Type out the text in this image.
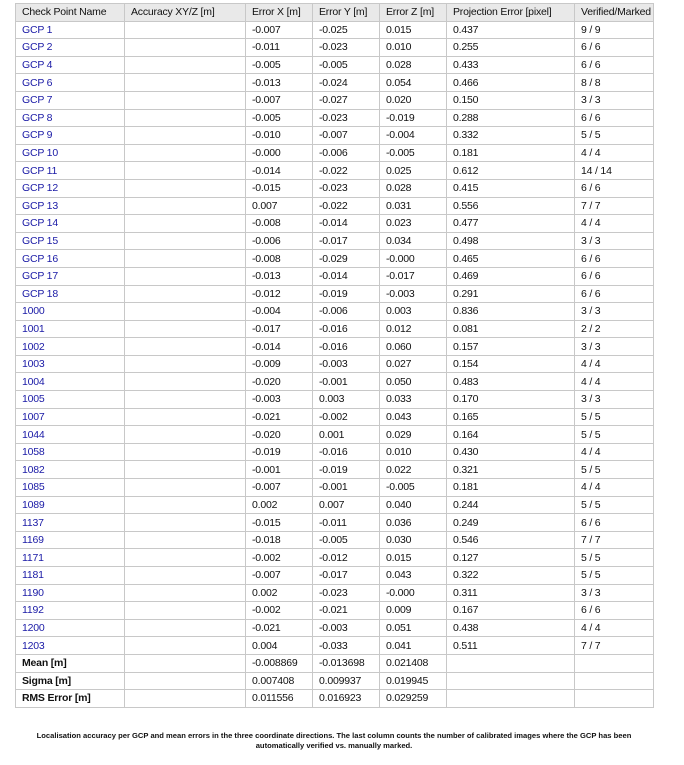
Check Point Name	Accuracy XY/Z [m]	Error X [m]	Error Y [m]	Error Z [m]	Projection Error [pixel]	Verified/Marked
GCP 1		-0.007	-0.025	0.015	0.437	9 / 9
GCP 2		-0.011	-0.023	0.010	0.255	6 / 6
GCP 4		-0.005	-0.005	0.028	0.433	6 / 6
GCP 6		-0.013	-0.024	0.054	0.466	8 / 8
GCP 7		-0.007	-0.027	0.020	0.150	3 / 3
GCP 8		-0.005	-0.023	-0.019	0.288	6 / 6
GCP 9		-0.010	-0.007	-0.004	0.332	5 / 5
GCP 10		-0.000	-0.006	-0.005	0.181	4 / 4
GCP 11		-0.014	-0.022	0.025	0.612	14 / 14
GCP 12		-0.015	-0.023	0.028	0.415	6 / 6
GCP 13		0.007	-0.022	0.031	0.556	7 / 7
GCP 14		-0.008	-0.014	0.023	0.477	4 / 4
GCP 15		-0.006	-0.017	0.034	0.498	3 / 3
GCP 16		-0.008	-0.029	-0.000	0.465	6 / 6
GCP 17		-0.013	-0.014	-0.017	0.469	6 / 6
GCP 18		-0.012	-0.019	-0.003	0.291	6 / 6
1000		-0.004	-0.006	0.003	0.836	3 / 3
1001		-0.017	-0.016	0.012	0.081	2 / 2
1002		-0.014	-0.016	0.060	0.157	3 / 3
1003		-0.009	-0.003	0.027	0.154	4 / 4
1004		-0.020	-0.001	0.050	0.483	4 / 4
1005		-0.003	0.003	0.033	0.170	3 / 3
1007		-0.021	-0.002	0.043	0.165	5 / 5
1044		-0.020	0.001	0.029	0.164	5 / 5
1058		-0.019	-0.016	0.010	0.430	4 / 4
1082		-0.001	-0.019	0.022	0.321	5 / 5
1085		-0.007	-0.001	-0.005	0.181	4 / 4
1089		0.002	0.007	0.040	0.244	5 / 5
1137		-0.015	-0.011	0.036	0.249	6 / 6
1169		-0.018	-0.005	0.030	0.546	7 / 7
1171		-0.002	-0.012	0.015	0.127	5 / 5
1181		-0.007	-0.017	0.043	0.322	5 / 5
1190		0.002	-0.023	-0.000	0.311	3 / 3
1192		-0.002	-0.021	0.009	0.167	6 / 6
1200		-0.021	-0.003	0.051	0.438	4 / 4
1203		0.004	-0.033	0.041	0.511	7 / 7
Mean [m]		-0.008869	-0.013698	0.021408		
Sigma [m]		0.007408	0.009937	0.019945		
RMS Error [m]		0.011556	0.016923	0.029259		
Localisation accuracy per GCP and mean errors in the three coordinate directions. The last column counts the number of calibrated images where the GCP has been automatically verified vs. manually marked.
